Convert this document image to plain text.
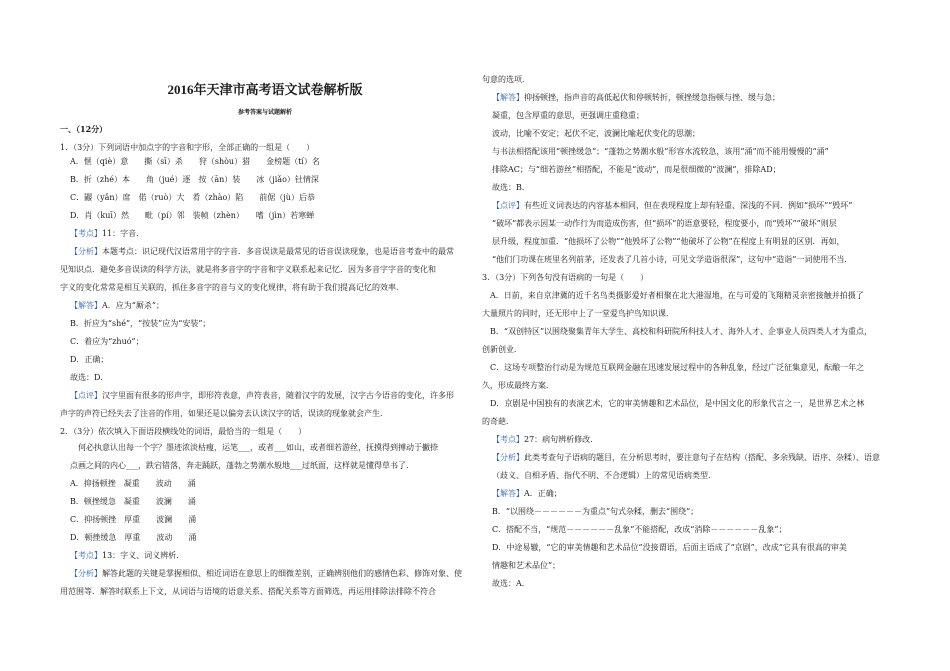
2016年天津市高考语文试卷解析版
参考答案与试题解析
一、（12分）
1．（3分）下列词语中加点字的字音和字形，全部正确的一组是（　　）
A．惬（qiè）意　　撕（sī）杀　　狩（shòu）猎　　金榜题（tí）名
B．折（zhé）本　　角（jué）逐　按（ān）装　　冰（jiǎo）钍情深
C．鼹（yǎn）席　偌（ruò）大　肴（zhào）陷　　前倨（jù）后恭
D．肖（kuī）然　　毗（pí）邻　装帧（zhèn）　　嗜（jìn）若寒蝉
【考点】11：字音．
【分析】本题考点：识记现代汉语常用字的字音．多音误读是最常见的语音误读现象，也是语音考查中的最常
见知识点．避免多音误读的科学方法，就是将多音字的字音和字义联系起来记忆．因为多音字字音的变化和
字义的变化常常是相互关联的，抓住多音字的音与义的变化规律，将有助于我们提高记忆的效率．
【解答】A．应为“厮杀”；
B．折应为“shé”，“按装”应为“安装”；
C．着应为“zhuó”；
D．正确；
故选：D．
【点评】汉字里面有很多的形声字，即形符表意，声符表音，随着汉字的发展，汉字古今语音的变化，许多形
声字的声符已经失去了注音的作用，如果还是以偏旁去认读汉字的话，误读的现象就会产生．
2．（3分）依次填入下面语段横线处的词语，最恰当的一组是（　　）
　何必执意认出每一个字？墨迹浓淡枯瘦，运笔___，或者___如山，或者细若游丝，抚摸得到搏动于撇捺
点画之间的内心___，跌宕错落，奔走踊跃，蓬勃之势潮水般地___过纸面，这样就是懂得草书了．
A．抑扬顿挫　凝重　　波动　　涌
B．顿挫缓急　凝重　　波澜　　涌
C．抑扬顿挫　厚重　　波澜　　涌
D．顿挫缓急　厚重　　波动　　涌
【考点】13：字义、词义辨析．
【分析】解答此题的关键是掌握相似、相近词语在意思上的细微差别，正确辨别他们的感情色彩、修饰对象、使
用范围等．解答时联系上下文，从词语与语境的语意关系、搭配关系等方面筛选，再运用排除法排除不符合
句意的选项．
【解答】抑扬顿挫，指声音的高低起伏和停顿转折，顿挫缓急指顿与挫、缓与急；
凝重，包含厚重的意思，更强调庄重稳重；
波动，比喻不安定；起伏不定，波澜比喻起伏变化的思潮；
与书法相搭配该用“顿挫缓急”；“蓬勃之势潮水般”形容水流较急，该用“涌”而不能用慢慢的“涌”
排除AC；与“细若游丝”相搭配，不能是“波动”，而是很细微的“波澜”，排除AD；
故选：B．
【点评】有些近义词表达的内容基本相同，但在表现程度上却有轻重、深浅的不同．例如“损坏”“毁坏”
“破坏”都表示因某一动作行为而造成伤害，但“损坏”的语意要轻，程度要小，而“毁坏”“破坏”则层
层升级，程度加重．“他损坏了公物”“他毁坏了公物”“他破坏了公物”在程度上有明显的区别．再如，
“他们门功课在班里名列前茅，还发表了几首小诗，可见文学造诣很深”，这句中“造诣”一词使用不当．
3．（3分）下列各句没有语病的一句是（　　）
　A．日前，来自京津冀的近千名鸟类摄影爱好者相聚在北大港湿地，在与可爱的飞翔精灵亲密接触并拍摄了
大量照片的同时，还无形中上了一堂爱鸟护鸟知识课．
　B．“双创特区”以围绕聚集青年大学生、高校和科研院所科技人才、海外人才、企事业人员四类人才为重点，
创新创业．
　C．这场专项整治行动是为规范互联网金融在迅速发展过程中的各种乱象，经过广泛征集意见，酝酿一年之
久，形成最终方案．
　D．京剧是中国独有的表演艺术，它的审美情趣和艺术品位，是中国文化的形象代言之一，是世界艺术之林
的奇葩．
【考点】27：病句辨析修改．
【分析】此类考查句子语病的题目，在分析思考时，要注意句子在结构（搭配、多余残缺、语序、杂糅）、语意
（歧义、自相矛盾、指代不明、不合逻辑）上的常见语病类型．
【解答】A．正确；
B．“以围绕－－－－－－为重点”句式杂糅，删去“围绕”；
C．搭配不当，“规范－－－－－－乱象”不能搭配，改成“消除－－－－－－乱象”；
D．中途易辙，“它的审美情趣和艺术品位”没接谓语，后面主语成了“京剧”，改成“它具有很高的审美
情趣和艺术品位”；
故选：A．
